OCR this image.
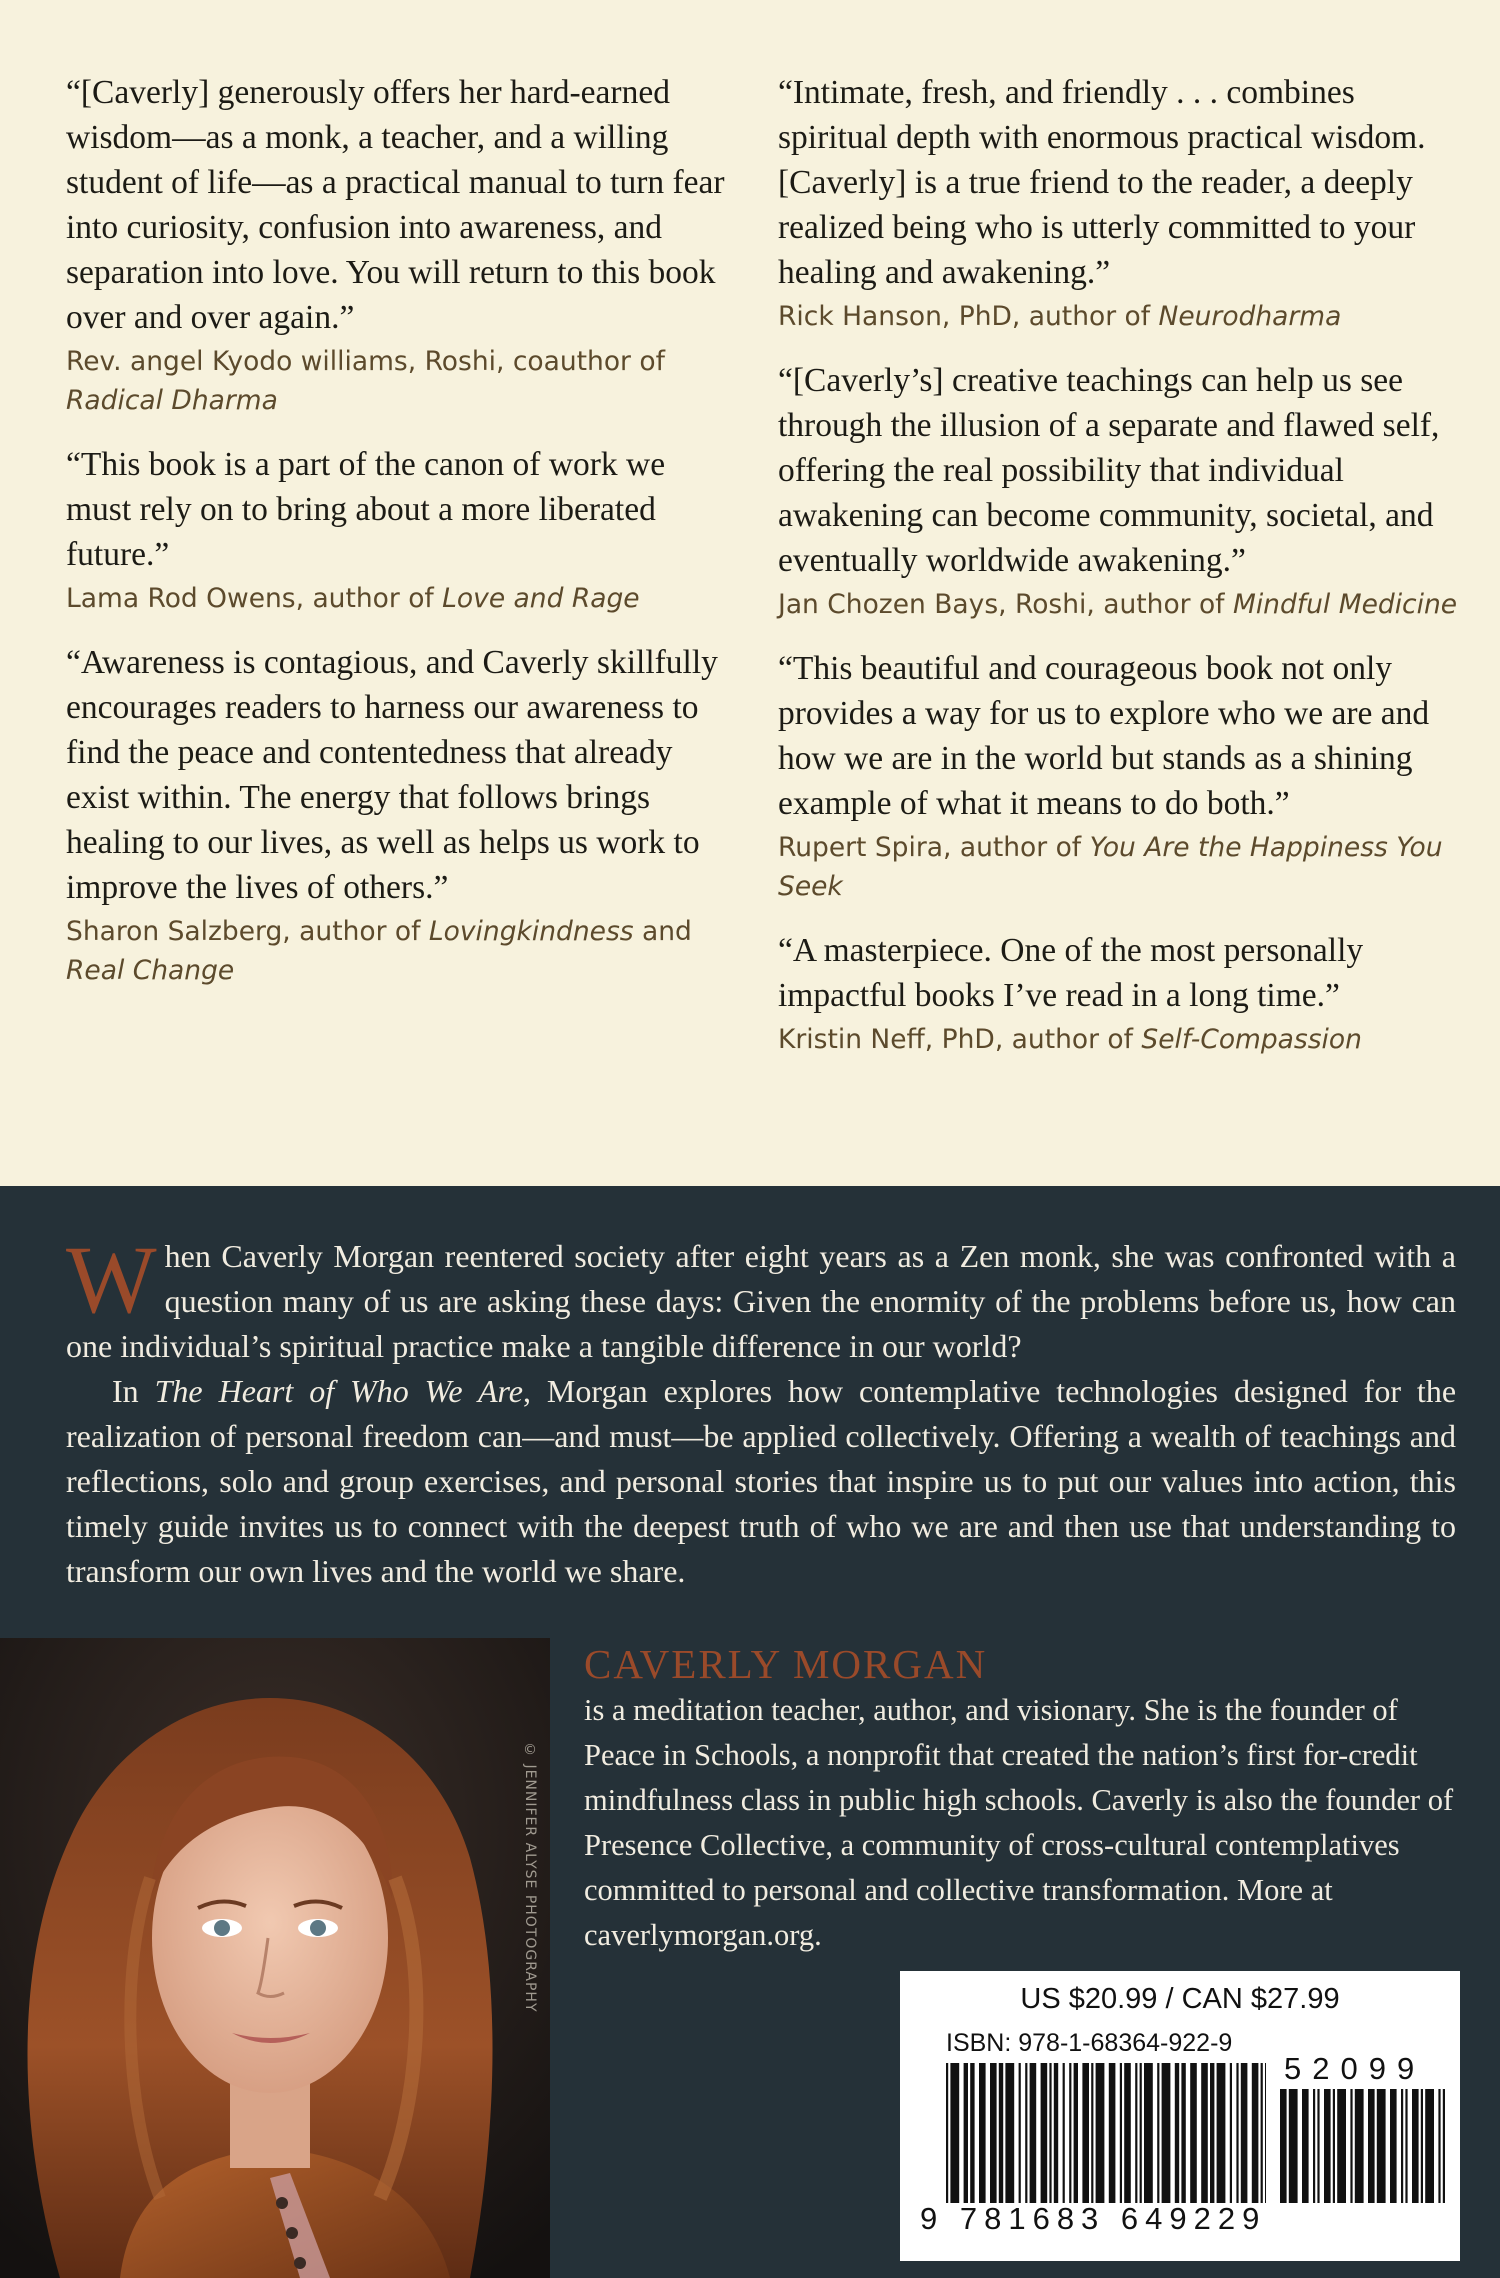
“[Caverly] generously offers her hard-earned wisdom—as a monk, a teacher, and a willing student of life—as a practical manual to turn fear into curiosity, confusion into awareness, and separation into love. You will return to this book over and over again.”

Rev. angel Kyodo williams, Roshi, coauthor of Radical Dharma

“This book is a part of the canon of work we must rely on to bring about a more liberated future.”

Lama Rod Owens, author of Love and Rage

“Awareness is contagious, and Caverly skillfully encourages readers to harness our awareness to find the peace and contentedness that already exist within. The energy that follows brings healing to our lives, as well as helps us work to improve the lives of others.”

Sharon Salzberg, author of Lovingkindness and Real Change

“Intimate, fresh, and friendly . . . combines spiritual depth with enormous practical wisdom. [Caverly] is a true friend to the reader, a deeply realized being who is utterly committed to your healing and awakening.”

Rick Hanson, PhD, author of Neurodharma

“[Caverly’s] creative teachings can help us see through the illusion of a separate and flawed self, offering the real possibility that individual awakening can become community, societal, and eventually worldwide awakening.”

Jan Chozen Bays, Roshi, author of Mindful Medicine

“This beautiful and courageous book not only provides a way for us to explore who we are and how we are in the world but stands as a shining example of what it means to do both.”

Rupert Spira, author of You Are the Happiness You Seek

“A masterpiece. One of the most personally impactful books I’ve read in a long time.”

Kristin Neff, PhD, author of Self-Compassion

When Caverly Morgan reentered society after eight years as a Zen monk, she was confronted with a question many of us are asking these days: Given the enormity of the problems before us, how can one individual’s spiritual practice make a tangible difference in our world?

In The Heart of Who We Are, Morgan explores how contemplative technologies designed for the realization of personal freedom can—and must—be applied collectively. Offering a wealth of teachings and reflections, solo and group exercises, and personal stories that inspire us to put our values into action, this timely guide invites us to connect with the deepest truth of who we are and then use that understanding to transform our own lives and the world we share.

© JENNIFER ALYSE PHOTOGRAPHY

CAVERLY MORGAN

is a meditation teacher, author, and visionary. She is the founder of Peace in Schools, a nonprofit that created the nation’s first for-credit mindfulness class in public high schools. Caverly is also the founder of Presence Collective, a community of cross-cultural contemplatives committed to personal and collective transformation. More at caverlymorgan.org.

US $20.99 / CAN $27.99
ISBN: 978-1-68364-922-9
52099
9 781683 649229
